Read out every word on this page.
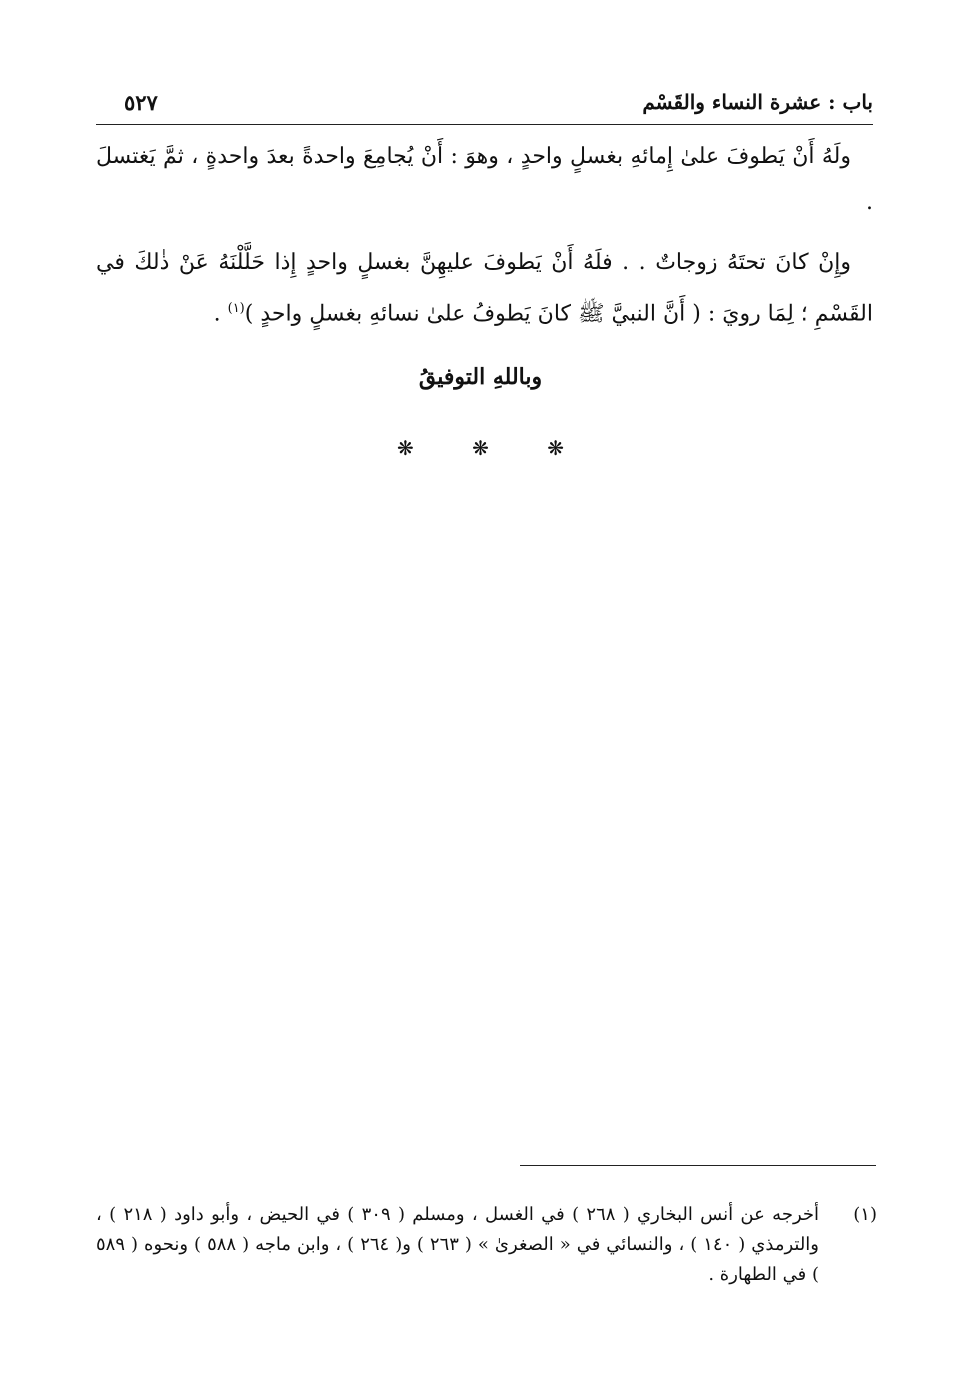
باب : عشرة النساء والقَسْم
٥٢٧

ولَهُ أَنْ يَطوفَ علىٰ إِمائهِ بغسلٍ واحدٍ ، وهوَ : أَنْ يُجامِعَ واحدةً بعدَ واحدةٍ ، ثمَّ يَغتسلَ .

وإِنْ كانَ تحتَهُ زوجاتٌ . . فلَهُ أَنْ يَطوفَ عليهِنَّ بغسلٍ واحدٍ إِذا حَلَّلْنَهُ عَنْ ذٰلكَ في القَسْمِ ؛ لِمَا رويَ : ( أَنَّ النبيَّ ﷺ كانَ يَطوفُ علىٰ نسائهِ بغسلٍ واحدٍ )$^{(١)}$ .

وباللهِ التوفيقُ
❋ ❋ ❋
(١)
أخرجه عن أنس البخاري ( ٢٦٨ ) في الغسل ، ومسلم ( ٣٠٩ ) في الحيض ، وأبو داود ( ٢١٨ ) ، والترمذي ( ١٤٠ ) ، والنسائي في « الصغرىٰ » ( ٢٦٣ ) و( ٢٦٤ ) ، وابن ماجه ( ٥٨٨ ) ونحوه ( ٥٨٩ ) في الطهارة .
